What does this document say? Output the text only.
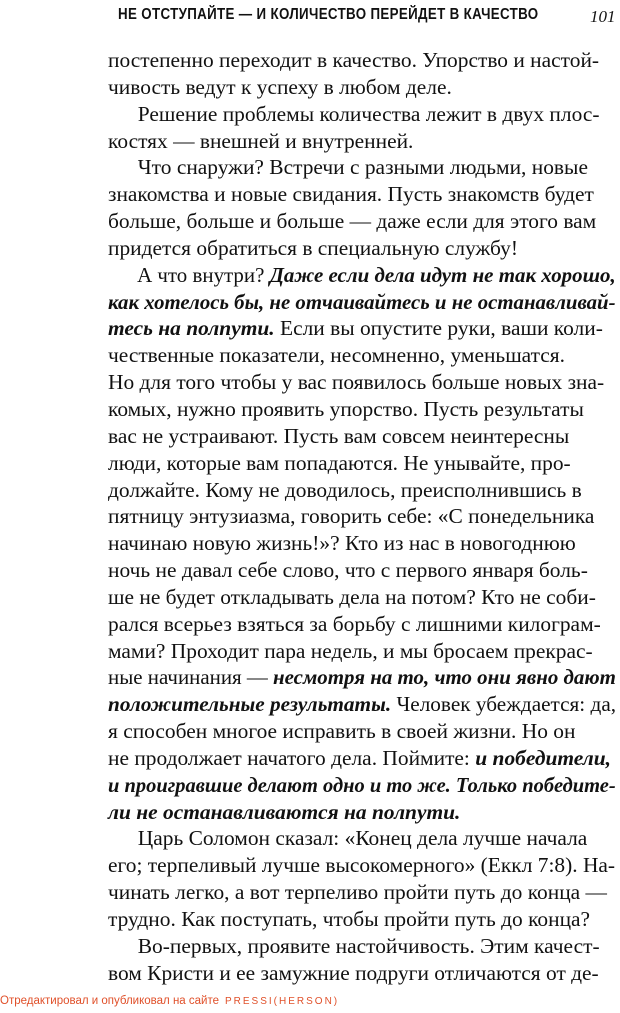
НЕ ОТСТУПАЙТЕ — И КОЛИЧЕСТВО ПЕРЕЙДЕТ В КАЧЕСТВО	101
постепенно переходит в качество. Упорство и настой-
чивость ведут к успеху в любом деле.
Решение проблемы количества лежит в двух плос-
костях — внешней и внутренней.
Что снаружи? Встречи с разными людьми, новые
знакомства и новые свидания. Пусть знакомств будет
больше, больше и больше — даже если для этого вам
придется обратиться в специальную службу!
А что внутри? Даже если дела идут не так хорошо,
как хотелось бы, не отчаивайтесь и не останавливай-
тесь на полпути. Если вы опустите руки, ваши коли-
чественные показатели, несомненно, уменьшатся.
Но для того чтобы у вас появилось больше новых зна-
комых, нужно проявить упорство. Пусть результаты
вас не устраивают. Пусть вам совсем неинтересны
люди, которые вам попадаются. Не унывайте, про-
должайте. Кому не доводилось, преисполнившись в
пятницу энтузиазма, говорить себе: «С понедельника
начинаю новую жизнь!»? Кто из нас в новогоднюю
ночь не давал себе слово, что с первого января боль-
ше не будет откладывать дела на потом? Кто не соби-
рался всерьез взяться за борьбу с лишними килограм-
мами? Проходит пара недель, и мы бросаем прекрас-
ные начинания — несмотря на то, что они явно дают
положительные результаты. Человек убеждается: да,
я способен многое исправить в своей жизни. Но он
не продолжает начатого дела. Поймите: и победители,
и проигравшие делают одно и то же. Только победите-
ли не останавливаются на полпути.
Царь Соломон сказал: «Конец дела лучше начала
его; терпеливый лучше высокомерного» (Еккл 7:8). На-
чинать легко, а вот терпеливо пройти путь до конца —
трудно. Как поступать, чтобы пройти путь до конца?
Во-первых, проявите настойчивость. Этим качест-
вом Кристи и ее замужние подруги отличаются от де-
Отредактировал и опубликовал на сайте PRESSI(HERSON)
